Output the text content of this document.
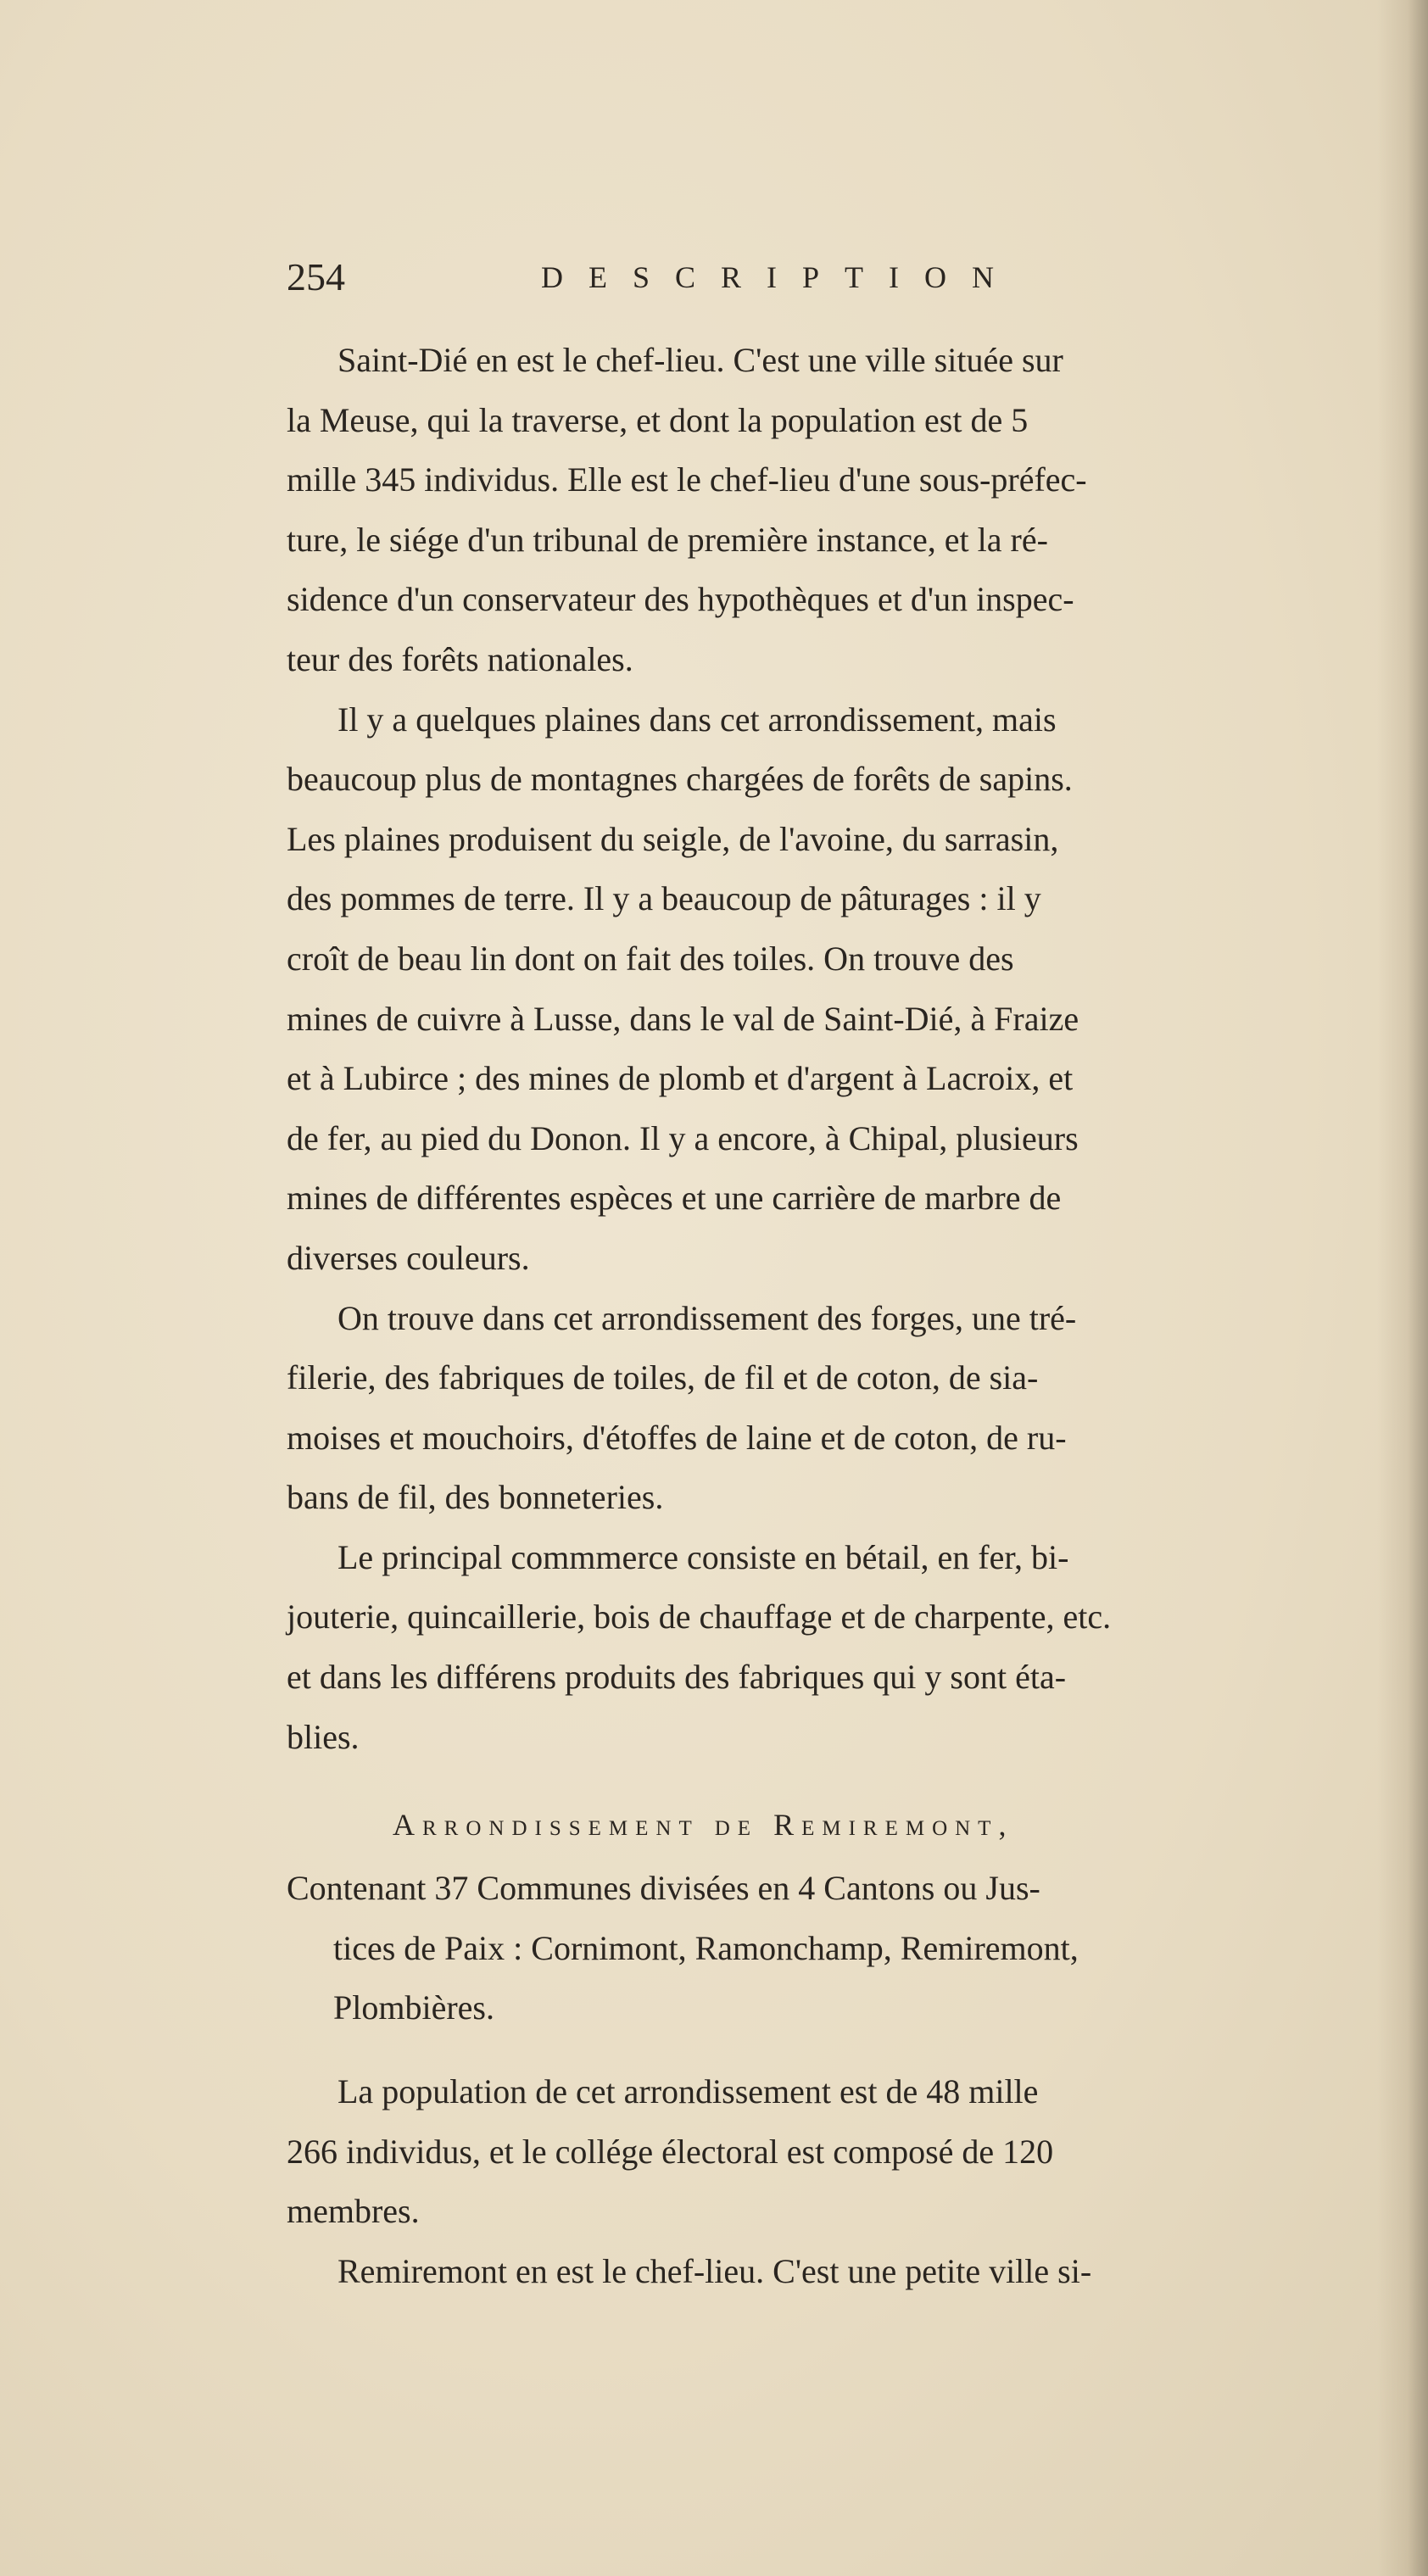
254	DESCRIPTION
Saint-Dié en est le chef-lieu. C'est une ville située sur
la Meuse, qui la traverse, et dont la population est de 5
mille 345 individus. Elle est le chef-lieu d'une sous-préfec-
ture, le siége d'un tribunal de première instance, et la ré-
sidence d'un conservateur des hypothèques et d'un inspec-
teur des forêts nationales.
Il y a quelques plaines dans cet arrondissement, mais
beaucoup plus de montagnes chargées de forêts de sapins.
Les plaines produisent du seigle, de l'avoine, du sarrasin,
des pommes de terre. Il y a beaucoup de pâturages : il y
croît de beau lin dont on fait des toiles. On trouve des
mines de cuivre à Lusse, dans le val de Saint-Dié, à Fraize
et à Lubirce ; des mines de plomb et d'argent à Lacroix, et
de fer, au pied du Donon. Il y a encore, à Chipal, plusieurs
mines de différentes espèces et une carrière de marbre de
diverses couleurs.
On trouve dans cet arrondissement des forges, une tré-
filerie, des fabriques de toiles, de fil et de coton, de sia-
moises et mouchoirs, d'étoffes de laine et de coton, de ru-
bans de fil, des bonneteries.
Le principal commmerce consiste en bétail, en fer, bi-
jouterie, quincaillerie, bois de chauffage et de charpente, etc.
et dans les différens produits des fabriques qui y sont éta-
blies.
Arrondissement de Remiremont,
Contenant 37 Communes divisées en 4 Cantons ou Jus-
tices de Paix : Cornimont, Ramonchamp, Remiremont,
Plombières.
La population de cet arrondissement est de 48 mille
266 individus, et le collége électoral est composé de 120
membres.
Remiremont en est le chef-lieu. C'est une petite ville si-
